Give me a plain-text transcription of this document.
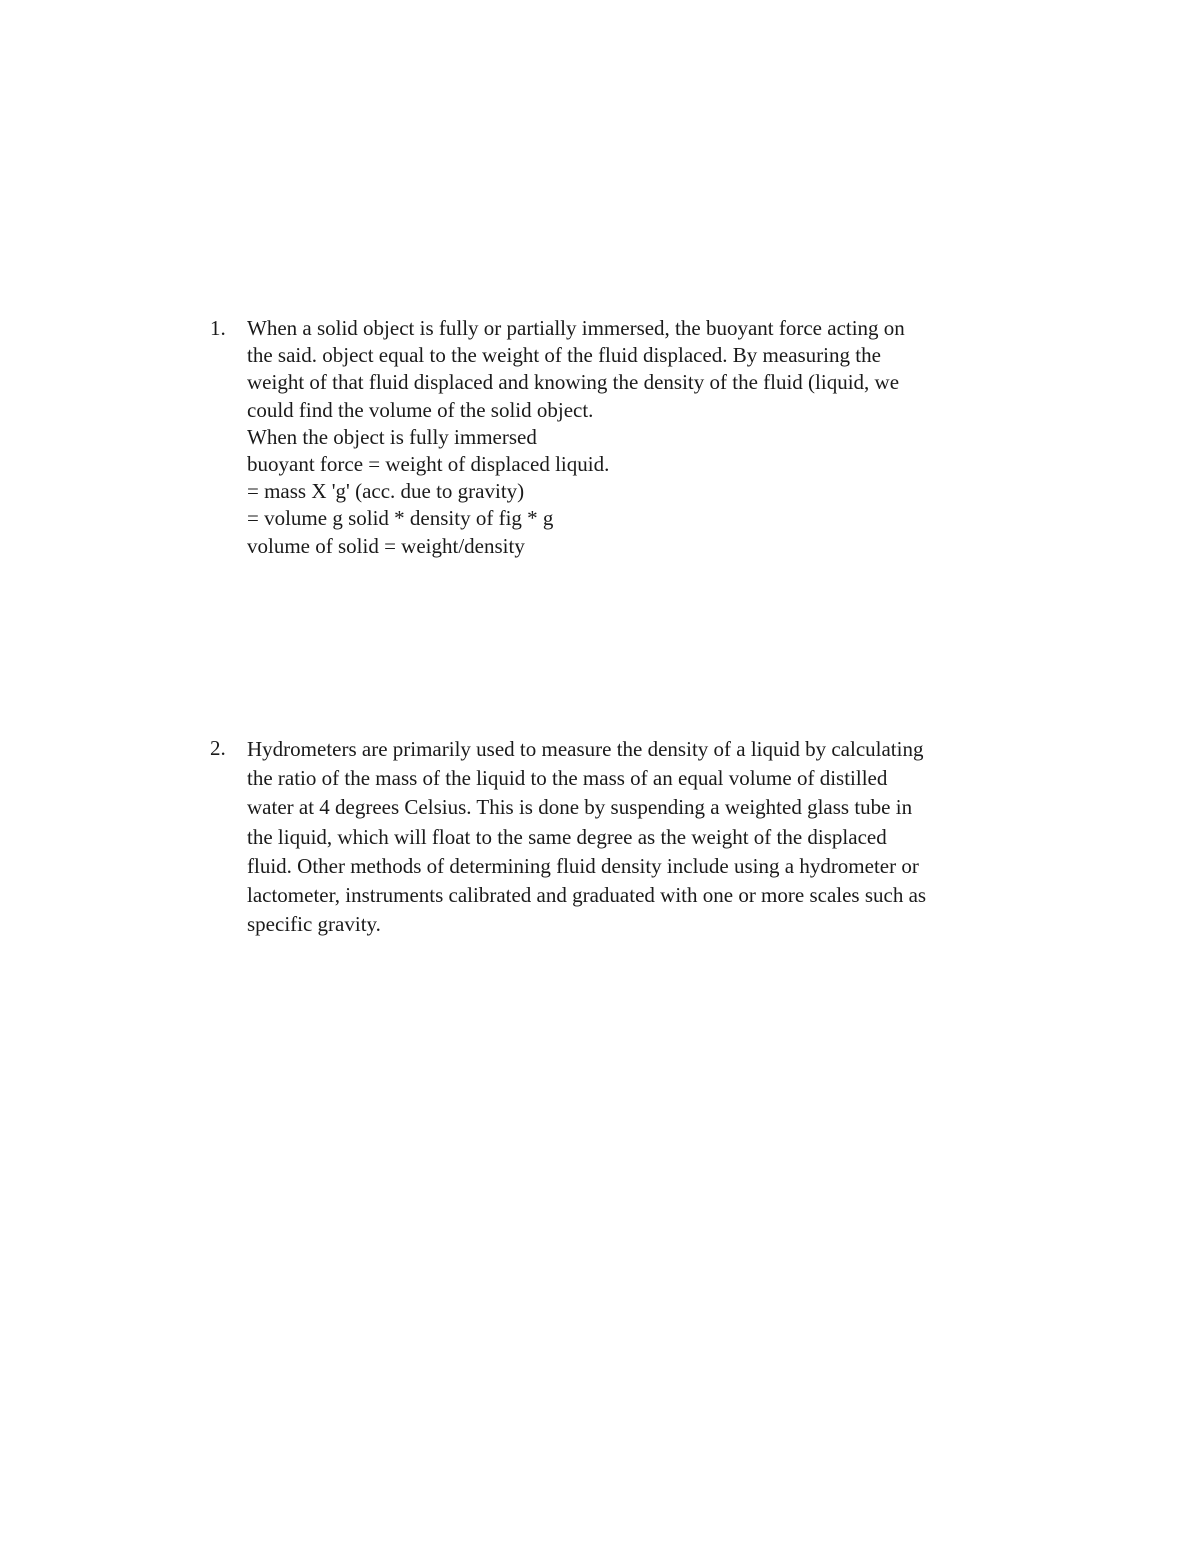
1. When a solid object is fully or partially immersed, the buoyant force acting on
the said. object equal to the weight of the fluid displaced. By measuring the
weight of that fluid displaced and knowing the density of the fluid (liquid, we
could find the volume of the solid object.
When the object is fully immersed
buoyant force = weight of displaced liquid.
= mass X 'g' (acc. due to gravity)
= volume g solid * density of fig * g
volume of solid = weight/density
2. Hydrometers are primarily used to measure the density of a liquid by calculating
the ratio of the mass of the liquid to the mass of an equal volume of distilled
water at 4 degrees Celsius. This is done by suspending a weighted glass tube in
the liquid, which will float to the same degree as the weight of the displaced
fluid. Other methods of determining fluid density include using a hydrometer or
lactometer, instruments calibrated and graduated with one or more scales such as
specific gravity.
